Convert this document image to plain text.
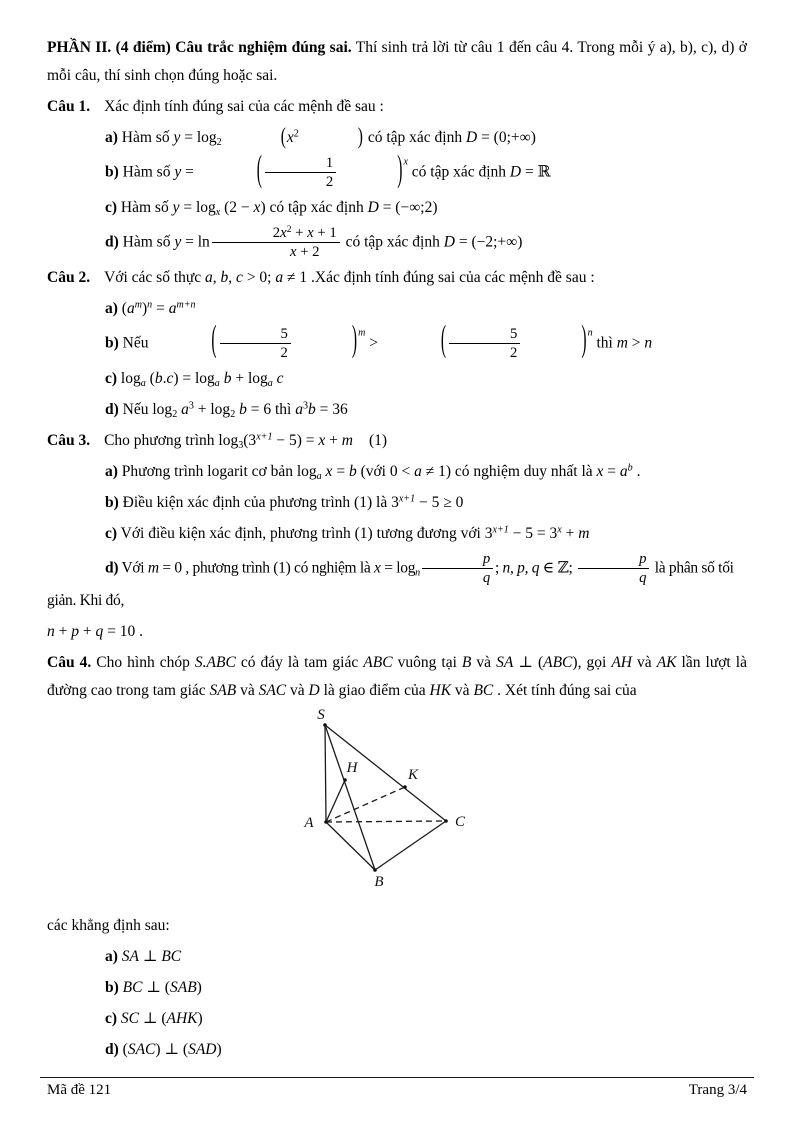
PHẦN II. (4 điểm) Câu trắc nghiệm đúng sai. Thí sinh trả lời từ câu 1 đến câu 4. Trong mỗi ý a), b), c), d) ở mỗi câu, thí sinh chọn đúng hoặc sai.

Câu 1. Xác định tính đúng sai của các mệnh đề sau :

a) Hàm số $y = \log_2$	($x^2$	) có tập xác định D = (0;+∞)

b) Hàm số y =	( $\frac{1}{2}$	)$^x$ có tập xác định D = ℝ

c) Hàm số $y = \log_x (2 - x)$ có tập xác định D = (−∞;2)

d) Hàm số $y = \ln \frac{2x^2 + x + 1}{x + 2}$ có tập xác định D = (−2;+∞)

Câu 2. Với các số thực a, b, c > 0; a ≠ 1 .Xác định tính đúng sai của các mệnh đề sau :

a) $(a^m)^n = a^{m+n}$

b) Nếu	( $\frac{5}{2}$	)$^m$ >	( $\frac{5}{2}$	)$^n$ thì m > n

c) $\log_a (b.c) = \log_a b + \log_a c$

d) Nếu $\log_2 a^3 + \log_2 b = 6$ thì $a^3b = 36$

Câu 3. Cho phương trình $\log_3(3^{x+1} - 5) = x + m$ (1)

a) Phương trình logarit cơ bản $\log_a x = b$ (với 0 < a ≠ 1) có nghiệm duy nhất là $x = a^b$ .

b) Điều kiện xác định của phương trình (1) là $3^{x+1} - 5 \ge 0$

c) Với điều kiện xác định, phương trình (1) tương đương với $3^{x+1} - 5 = 3^x + m$

d) Với m = 0 , phương trình (1) có nghiệm là $x = \log_n \frac{p}{q}$ ; n, p, q ∈ ℤ; $\frac{p}{q}$ là phân số tối giản. Khi đó,

n + p + q = 10 .

Câu 4. Cho hình chóp S.ABC có đáy là tam giác ABC vuông tại B và SA ⊥ (ABC), gọi AH và AK lần lượt là đường cao trong tam giác SAB và SAC và D là giao điểm của HK và BC . Xét tính đúng sai của

S
H	K
A	C
B

các khẳng định sau:

a) SA ⊥ BC

b) BC ⊥ (SAB)

c) SC ⊥ (AHK)

d) (SAC) ⊥ (SAD)

Mã đề 121	Trang 3/4
